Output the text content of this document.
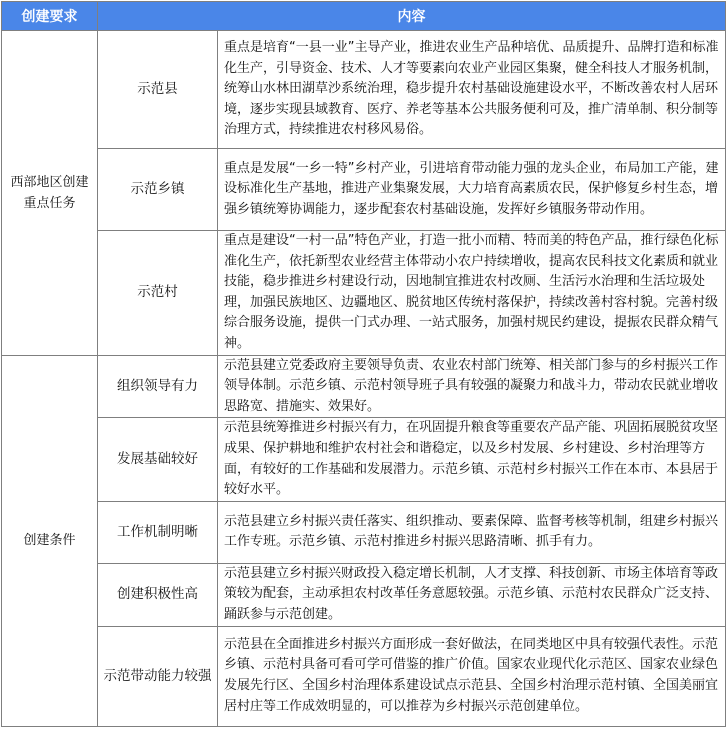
创建要求	内容	
西部地区创建重点任务	示范县	重点是培育“一县一业”主导产业，推进农业生产品种培优、品质提升、品牌打造和标准化生产，引导资金、技术、人才等要素向农业产业园区集聚，健全科技人才服务机制，统筹山水林田湖草沙系统治理，稳步提升农村基础设施建设水平，不断改善农村人居环境，逐步实现县域教育、医疗、养老等基本公共服务便利可及，推广清单制、积分制等治理方式，持续推进农村移风易俗。
	示范乡镇	重点是发展“一乡一特”乡村产业，引进培育带动能力强的龙头企业，布局加工产能，建设标准化生产基地，推进产业集聚发展，大力培育高素质农民，保护修复乡村生态，增强乡镇统筹协调能力，逐步配套农村基础设施，发挥好乡镇服务带动作用。
	示范村	重点是建设“一村一品”特色产业，打造一批小而精、特而美的特色产品，推行绿色化标准化生产，依托新型农业经营主体带动小农户持续增收，提高农民科技文化素质和就业技能，稳步推进乡村建设行动，因地制宜推进农村改厕、生活污水治理和生活垃圾处理，加强民族地区、边疆地区、脱贫地区传统村落保护，持续改善村容村貌。完善村级综合服务设施，提供一门式办理、一站式服务，加强村规民约建设，提振农民群众精气神。
创建条件	组织领导有力	示范县建立党委政府主要领导负责、农业农村部门统筹、相关部门参与的乡村振兴工作领导体制。示范乡镇、示范村领导班子具有较强的凝聚力和战斗力，带动农民就业增收思路宽、措施实、效果好。
	发展基础较好	示范县统筹推进乡村振兴有力，在巩固提升粮食等重要农产品产能、巩固拓展脱贫攻坚成果、保护耕地和维护农村社会和谐稳定，以及乡村发展、乡村建设、乡村治理等方面，有较好的工作基础和发展潜力。示范乡镇、示范村乡村振兴工作在本市、本县居于较好水平。
	工作机制明晰	示范县建立乡村振兴责任落实、组织推动、要素保障、监督考核等机制，组建乡村振兴工作专班。示范乡镇、示范村推进乡村振兴思路清晰、抓手有力。
	创建积极性高	示范县建立乡村振兴财政投入稳定增长机制，人才支撑、科技创新、市场主体培育等政策较为配套，主动承担农村改革任务意愿较强。示范乡镇、示范村农民群众广泛支持、踊跃参与示范创建。
	示范带动能力较强	示范县在全面推进乡村振兴方面形成一套好做法，在同类地区中具有较强代表性。示范乡镇、示范村具备可看可学可借鉴的推广价值。国家农业现代化示范区、国家农业绿色发展先行区、全国乡村治理体系建设试点示范县、全国乡村治理示范村镇、全国美丽宜居村庄等工作成效明显的，可以推荐为乡村振兴示范创建单位。
